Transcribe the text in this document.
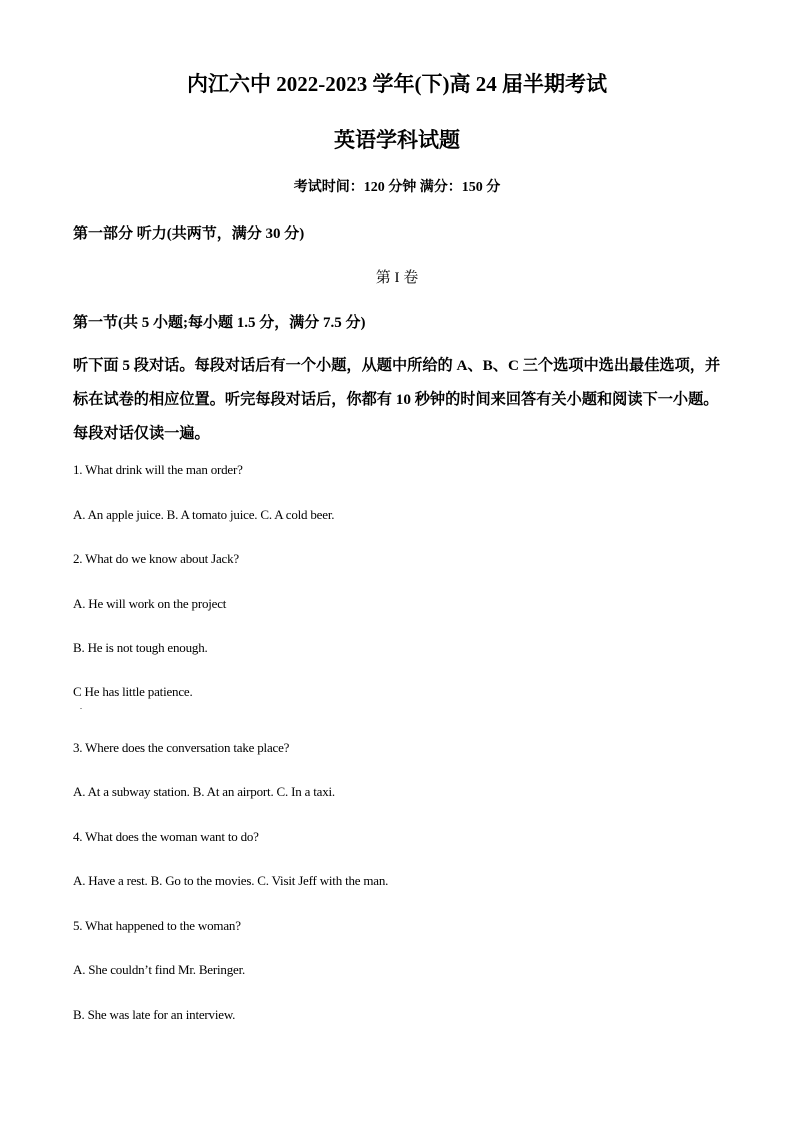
内江六中 2022-2023 学年(下)高 24 届半期考试
英语学科试题
考试时间：120 分钟 满分：150 分
第一部分 听力(共两节，满分 30 分)
第 I 卷
第一节(共 5 小题;每小题 1.5 分，满分 7.5 分)
听下面 5 段对话。每段对话后有一个小题，从题中所给的 A、B、C 三个选项中选出最佳选项，并标在试卷的相应位置。听完每段对话后，你都有 10 秒钟的时间来回答有关小题和阅读下一小题。每段对话仅读一遍。
1. What drink will the man order?
A. An apple juice. B. A tomato juice. C. A cold beer.
2. What do we know about Jack?
A. He will work on the project
B. He is not tough enough.
C He has little patience.
.
3. Where does the conversation take place?
A. At a subway station. B. At an airport. C. In a taxi.
4. What does the woman want to do?
A. Have a rest. B. Go to the movies. C. Visit Jeff with the man.
5. What happened to the woman?
A. She couldn’t find Mr. Beringer.
B. She was late for an interview.
